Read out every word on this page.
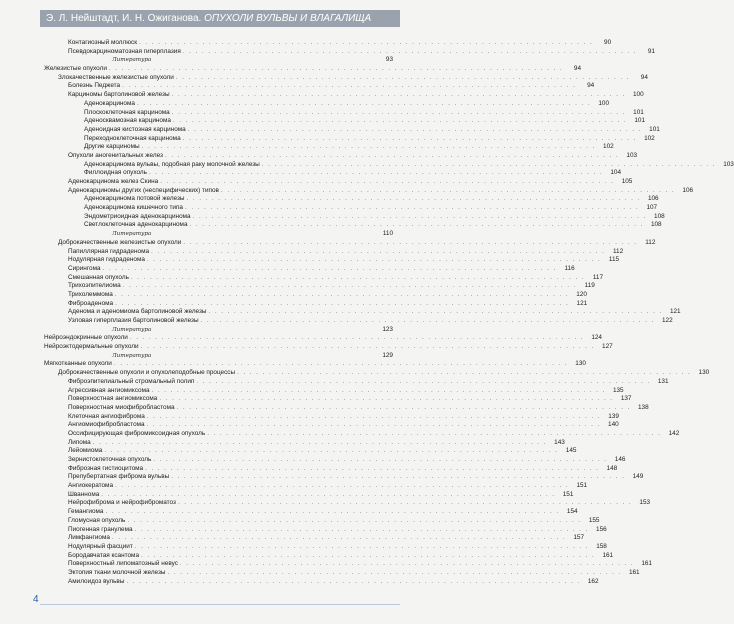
Э. Л. Нейштадт, И. Н. Ожиганова. ОПУХОЛИ ВУЛЬВЫ И ВЛАГАЛИЩА
Контагиозный моллюск . . . . . . . . . . . . . . . . . . . . . . . . . . . . . . . . . . . . . . . . . . . . . . . . . . . . . . . . . . . . . . . . . . . . . . . .	90
Псевдокарциноматозная гиперплазия . . . . . . . . . . . . . . . . . . . . . . . . . . . . . . . . . . . . . . . . . . . . . . . . . . . . . . . . . . . . . . . . . . . . . . . .	91
Литература	93
Железистые опухоли . . . . . . . . . . . . . . . . . . . . . . . . . . . . . . . . . . . . . . . . . . . . . . . . . . . . . . . . . . . . . . . . . . . . . . . .	94
Злокачественные железистые опухоли . . . . . . . . . . . . . . . . . . . . . . . . . . . . . . . . . . . . . . . . . . . . . . . . . . . . . . . . . . . . . . . . . . . . . . . .	94
Болезнь Педжета . . . . . . . . . . . . . . . . . . . . . . . . . . . . . . . . . . . . . . . . . . . . . . . . . . . . . . . . . . . . . . . . . . . . . . . .	94
Карциномы бартолиновой железы . . . . . . . . . . . . . . . . . . . . . . . . . . . . . . . . . . . . . . . . . . . . . . . . . . . . . . . . . . . . . . . . . . . . . . . .	100
Аденокарцинома . . . . . . . . . . . . . . . . . . . . . . . . . . . . . . . . . . . . . . . . . . . . . . . . . . . . . . . . . . . . . . . . . . . . . . . .	100
Плоскоклеточная карцинома . . . . . . . . . . . . . . . . . . . . . . . . . . . . . . . . . . . . . . . . . . . . . . . . . . . . . . . . . . . . . . . . . . . . . . . .	101
Аденосквамозная карцинома . . . . . . . . . . . . . . . . . . . . . . . . . . . . . . . . . . . . . . . . . . . . . . . . . . . . . . . . . . . . . . . . . . . . . . . .	101
Аденоидная кистозная карцинома . . . . . . . . . . . . . . . . . . . . . . . . . . . . . . . . . . . . . . . . . . . . . . . . . . . . . . . . . . . . . . . . . . . . . . . .	101
Переходноклеточная карцинома . . . . . . . . . . . . . . . . . . . . . . . . . . . . . . . . . . . . . . . . . . . . . . . . . . . . . . . . . . . . . . . . . . . . . . . .	102
Другие карциномы . . . . . . . . . . . . . . . . . . . . . . . . . . . . . . . . . . . . . . . . . . . . . . . . . . . . . . . . . . . . . . . . . . . . . . . .	102
Опухоли аногенитальных желез . . . . . . . . . . . . . . . . . . . . . . . . . . . . . . . . . . . . . . . . . . . . . . . . . . . . . . . . . . . . . . . . . . . . . . . .	103
Аденокарцинома вульвы, подобная раку молочной железы . . . . . . . . . . . . . . . . . . . . . . . . . . . . . . . . . . . . . . . . . . . . . . . . . . . . . . . . . . . . . . . . . . . . . . . .	103
Филлоидная опухоль . . . . . . . . . . . . . . . . . . . . . . . . . . . . . . . . . . . . . . . . . . . . . . . . . . . . . . . . . . . . . . . . . . . . . . . .	104
Аденокарцинома желез Скина . . . . . . . . . . . . . . . . . . . . . . . . . . . . . . . . . . . . . . . . . . . . . . . . . . . . . . . . . . . . . . . . . . . . . . . .	105
Аденокарциномы других (неспецифических) типов . . . . . . . . . . . . . . . . . . . . . . . . . . . . . . . . . . . . . . . . . . . . . . . . . . . . . . . . . . . . . . . . . . . . . . . .	106
Аденокарцинома потовой железы . . . . . . . . . . . . . . . . . . . . . . . . . . . . . . . . . . . . . . . . . . . . . . . . . . . . . . . . . . . . . . . . . . . . . . . .	106
Аденокарцинома кишечного типа . . . . . . . . . . . . . . . . . . . . . . . . . . . . . . . . . . . . . . . . . . . . . . . . . . . . . . . . . . . . . . . . . . . . . . . .	107
Эндометриоидная аденокарцинома . . . . . . . . . . . . . . . . . . . . . . . . . . . . . . . . . . . . . . . . . . . . . . . . . . . . . . . . . . . . . . . . . . . . . . . .	108
Светлоклеточная аденокарцинома . . . . . . . . . . . . . . . . . . . . . . . . . . . . . . . . . . . . . . . . . . . . . . . . . . . . . . . . . . . . . . . . . . . . . . . .	108
Литература	110
Доброкачественные железистые опухоли . . . . . . . . . . . . . . . . . . . . . . . . . . . . . . . . . . . . . . . . . . . . . . . . . . . . . . . . . . . . . . . . . . . . . . . .	112
Папиллярная гидраденома . . . . . . . . . . . . . . . . . . . . . . . . . . . . . . . . . . . . . . . . . . . . . . . . . . . . . . . . . . . . . . . . . . . . . . . .	112
Нодулярная гидраденома . . . . . . . . . . . . . . . . . . . . . . . . . . . . . . . . . . . . . . . . . . . . . . . . . . . . . . . . . . . . . . . . . . . . . . . .	115
Сирингома . . . . . . . . . . . . . . . . . . . . . . . . . . . . . . . . . . . . . . . . . . . . . . . . . . . . . . . . . . . . . . . . . . . . . . . .	116
Смешанная опухоль . . . . . . . . . . . . . . . . . . . . . . . . . . . . . . . . . . . . . . . . . . . . . . . . . . . . . . . . . . . . . . . . . . . . . . . .	117
Трихоэпителиома . . . . . . . . . . . . . . . . . . . . . . . . . . . . . . . . . . . . . . . . . . . . . . . . . . . . . . . . . . . . . . . . . . . . . . . .	119
Трихолеммома . . . . . . . . . . . . . . . . . . . . . . . . . . . . . . . . . . . . . . . . . . . . . . . . . . . . . . . . . . . . . . . . . . . . . . . .	120
Фиброаденома . . . . . . . . . . . . . . . . . . . . . . . . . . . . . . . . . . . . . . . . . . . . . . . . . . . . . . . . . . . . . . . . . . . . . . . .	121
Аденома и аденомиома бартолиновой железы . . . . . . . . . . . . . . . . . . . . . . . . . . . . . . . . . . . . . . . . . . . . . . . . . . . . . . . . . . . . . . . . . . . . . . . .	121
Узловая гиперплазия бартолиновой железы . . . . . . . . . . . . . . . . . . . . . . . . . . . . . . . . . . . . . . . . . . . . . . . . . . . . . . . . . . . . . . . . . . . . . . . .	122
Литература	123
Нейроэндокринные опухоли . . . . . . . . . . . . . . . . . . . . . . . . . . . . . . . . . . . . . . . . . . . . . . . . . . . . . . . . . . . . . . . . . . . . . . . .	124
Нейроэктодермальные опухоли . . . . . . . . . . . . . . . . . . . . . . . . . . . . . . . . . . . . . . . . . . . . . . . . . . . . . . . . . . . . . . . . . . . . . . . .	127
Литература	129
Мягкотканные опухоли . . . . . . . . . . . . . . . . . . . . . . . . . . . . . . . . . . . . . . . . . . . . . . . . . . . . . . . . . . . . . . . . . . . . . . . .	130
Доброкачественные опухоли и опухолеподобные процессы . . . . . . . . . . . . . . . . . . . . . . . . . . . . . . . . . . . . . . . . . . . . . . . . . . . . . . . . . . . . . . . . . . . . . . . .	130
Фиброэпителиальный стромальный полип . . . . . . . . . . . . . . . . . . . . . . . . . . . . . . . . . . . . . . . . . . . . . . . . . . . . . . . . . . . . . . . . . . . . . . . .	131
Агрессивная ангиомиксома . . . . . . . . . . . . . . . . . . . . . . . . . . . . . . . . . . . . . . . . . . . . . . . . . . . . . . . . . . . . . . . . . . . . . . . .	135
Поверхностная ангиомиксома . . . . . . . . . . . . . . . . . . . . . . . . . . . . . . . . . . . . . . . . . . . . . . . . . . . . . . . . . . . . . . . . . . . . . . . .	137
Поверхностная миофибробластома . . . . . . . . . . . . . . . . . . . . . . . . . . . . . . . . . . . . . . . . . . . . . . . . . . . . . . . . . . . . . . . . . . . . . . . .	138
Клеточная ангиофиброма . . . . . . . . . . . . . . . . . . . . . . . . . . . . . . . . . . . . . . . . . . . . . . . . . . . . . . . . . . . . . . . . . . . . . . . .	139
Ангиомиофибробластома . . . . . . . . . . . . . . . . . . . . . . . . . . . . . . . . . . . . . . . . . . . . . . . . . . . . . . . . . . . . . . . . . . . . . . . .	140
Оссифицирующая фибромиксоидная опухоль . . . . . . . . . . . . . . . . . . . . . . . . . . . . . . . . . . . . . . . . . . . . . . . . . . . . . . . . . . . . . . . . . . . . . . . .	142
Липома . . . . . . . . . . . . . . . . . . . . . . . . . . . . . . . . . . . . . . . . . . . . . . . . . . . . . . . . . . . . . . . . . . . . . . . .	143
Лейомиома . . . . . . . . . . . . . . . . . . . . . . . . . . . . . . . . . . . . . . . . . . . . . . . . . . . . . . . . . . . . . . . . . . . . . . . .	145
Зернистоклеточная опухоль . . . . . . . . . . . . . . . . . . . . . . . . . . . . . . . . . . . . . . . . . . . . . . . . . . . . . . . . . . . . . . . . . . . . . . . .	146
Фиброзная гистиоцитома . . . . . . . . . . . . . . . . . . . . . . . . . . . . . . . . . . . . . . . . . . . . . . . . . . . . . . . . . . . . . . . . . . . . . . . .	148
Препубертатная фиброма вульвы . . . . . . . . . . . . . . . . . . . . . . . . . . . . . . . . . . . . . . . . . . . . . . . . . . . . . . . . . . . . . . . . . . . . . . . .	149
Ангиокератома . . . . . . . . . . . . . . . . . . . . . . . . . . . . . . . . . . . . . . . . . . . . . . . . . . . . . . . . . . . . . . . . . . . . . . . .	151
Шваннома . . . . . . . . . . . . . . . . . . . . . . . . . . . . . . . . . . . . . . . . . . . . . . . . . . . . . . . . . . . . . . . . . . . . . . . .	151
Нейрофиброма и нейрофиброматоз . . . . . . . . . . . . . . . . . . . . . . . . . . . . . . . . . . . . . . . . . . . . . . . . . . . . . . . . . . . . . . . . . . . . . . . .	153
Гемангиома . . . . . . . . . . . . . . . . . . . . . . . . . . . . . . . . . . . . . . . . . . . . . . . . . . . . . . . . . . . . . . . . . . . . . . . .	154
Гломусная опухоль . . . . . . . . . . . . . . . . . . . . . . . . . . . . . . . . . . . . . . . . . . . . . . . . . . . . . . . . . . . . . . . . . . . . . . . .	155
Пиогенная гранулема . . . . . . . . . . . . . . . . . . . . . . . . . . . . . . . . . . . . . . . . . . . . . . . . . . . . . . . . . . . . . . . . . . . . . . . .	156
Лимфангиома . . . . . . . . . . . . . . . . . . . . . . . . . . . . . . . . . . . . . . . . . . . . . . . . . . . . . . . . . . . . . . . . . . . . . . . .	157
Нодулярный фасциит . . . . . . . . . . . . . . . . . . . . . . . . . . . . . . . . . . . . . . . . . . . . . . . . . . . . . . . . . . . . . . . . . . . . . . . .	158
Бородавчатая ксантома . . . . . . . . . . . . . . . . . . . . . . . . . . . . . . . . . . . . . . . . . . . . . . . . . . . . . . . . . . . . . . . . . . . . . . . .	161
Поверхностный липоматозный невус . . . . . . . . . . . . . . . . . . . . . . . . . . . . . . . . . . . . . . . . . . . . . . . . . . . . . . . . . . . . . . . . . . . . . . . .	161
Эктопия ткани молочной железы . . . . . . . . . . . . . . . . . . . . . . . . . . . . . . . . . . . . . . . . . . . . . . . . . . . . . . . . . . . . . . . . . . . . . . . .	161
Амилоидоз вульвы . . . . . . . . . . . . . . . . . . . . . . . . . . . . . . . . . . . . . . . . . . . . . . . . . . . . . . . . . . . . . . . . . . . . . . . .	162
4
